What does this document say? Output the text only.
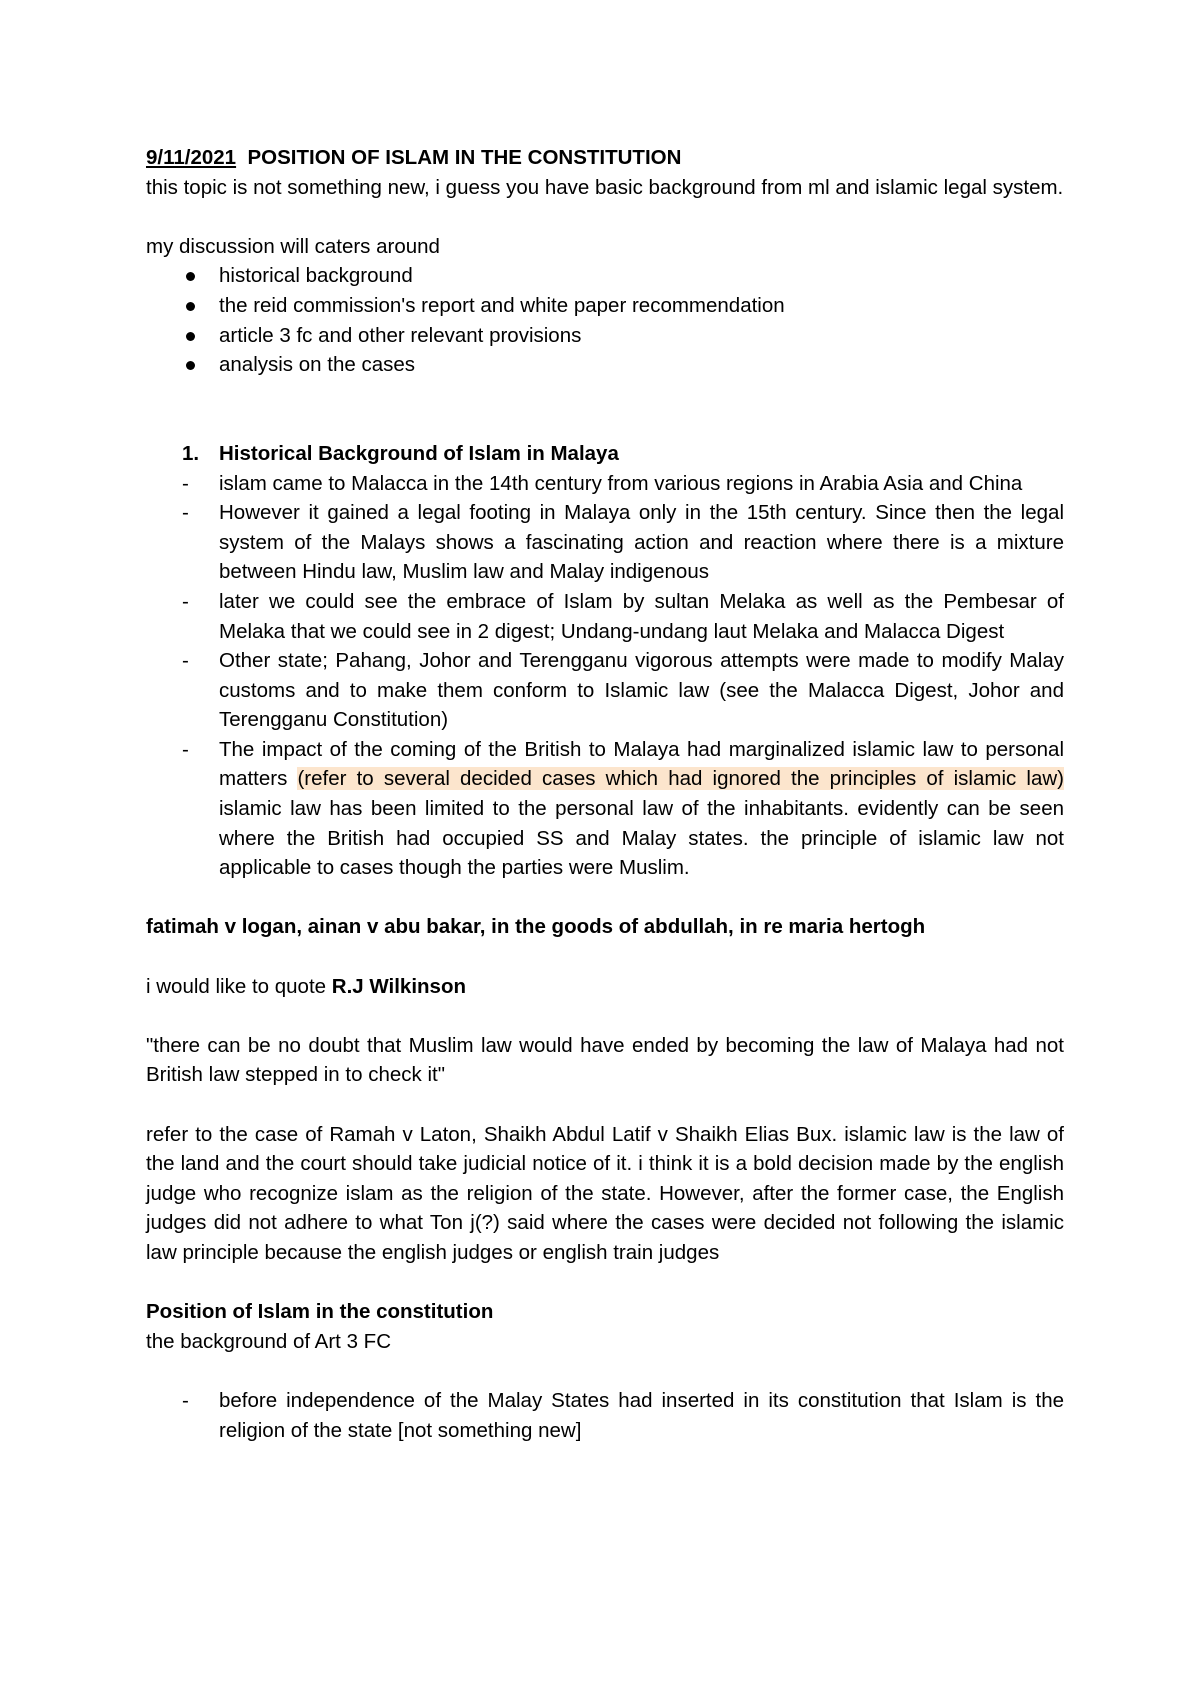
9/11/2021 POSITION OF ISLAM IN THE CONSTITUTION

this topic is not something new, i guess you have basic background from ml and islamic legal system.

my discussion will caters around

historical background
the reid commission's report and white paper recommendation
article 3 fc and other relevant provisions
analysis on the cases
1. Historical Background of Islam in Malaya
- islam came to Malacca in the 14th century from various regions in Arabia Asia and China
- However it gained a legal footing in Malaya only in the 15th century. Since then the legal system of the Malays shows a fascinating action and reaction where there is a mixture between Hindu law, Muslim law and Malay indigenous
- later we could see the embrace of Islam by sultan Melaka as well as the Pembesar of Melaka that we could see in 2 digest; Undang-undang laut Melaka and Malacca Digest
- Other state; Pahang, Johor and Terengganu vigorous attempts were made to modify Malay customs and to make them conform to Islamic law (see the Malacca Digest, Johor and Terengganu Constitution)
- The impact of the coming of the British to Malaya had marginalized islamic law to personal matters (refer to several decided cases which had ignored the principles of islamic law) islamic law has been limited to the personal law of the inhabitants. evidently can be seen where the British had occupied SS and Malay states. the principle of islamic law not applicable to cases though the parties were Muslim.

fatimah v logan, ainan v abu bakar, in the goods of abdullah, in re maria hertogh

i would like to quote R.J Wilkinson

"there can be no doubt that Muslim law would have ended by becoming the law of Malaya had not British law stepped in to check it"

refer to the case of Ramah v Laton, Shaikh Abdul Latif v Shaikh Elias Bux. islamic law is the law of the land and the court should take judicial notice of it. i think it is a bold decision made by the english judge who recognize islam as the religion of the state. However, after the former case, the English judges did not adhere to what Ton j(?) said where the cases were decided not following the islamic law principle because the english judges or english train judges

Position of Islam in the constitution

the background of Art 3 FC

- before independence of the Malay States had inserted in its constitution that Islam is the religion of the state [not something new]
